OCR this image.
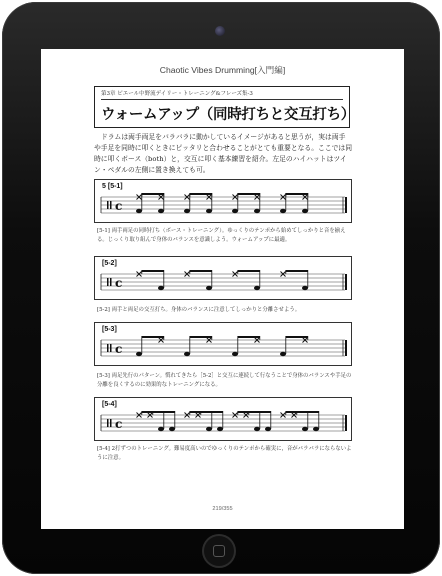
Chaotic Vibes Drumming[入門編]
第3章 ピエール中野流デイリー・トレーニング&フレーズ集-3
ウォームアップ（同時打ちと交互打ち）

ドラムは両手両足をバラバラに動かしているイメージがあると思うが，実は両手や手足を同時に叩くときにピッタリと合わせることがとても重要となる。ここでは同時に叩くボース（both）と，交互に叩く基本練習を紹介。左足のハイハットはツイン・ペダルの左側に置き換えても可。

c
5 [5-1]

[5-1] 両手両足の同時打ち（ボース・トレーニング）。ゆっくりのテンポから始めてしっかりと音を揃える。じっくり取り組んで身体のバランスを意識しよう。ウォームアップに最適。

c
[5-2]

[5-2] 両手と両足の交互打ち。身体のバランスに注意してしっかりと分離させよう。

c
[5-3]

[5-3] 両足先行のパターン。慣れてきたら［5-2］と交互に連続して行なうことで身体のバランスや手足の分離を良くするのに効果的なトレーニングになる。

c
[5-4]

[5-4] 2打ずつのトレーニング。難易度高いのでゆっくりのテンポから確実に，音がバラバラにならないように注意。

219/355
